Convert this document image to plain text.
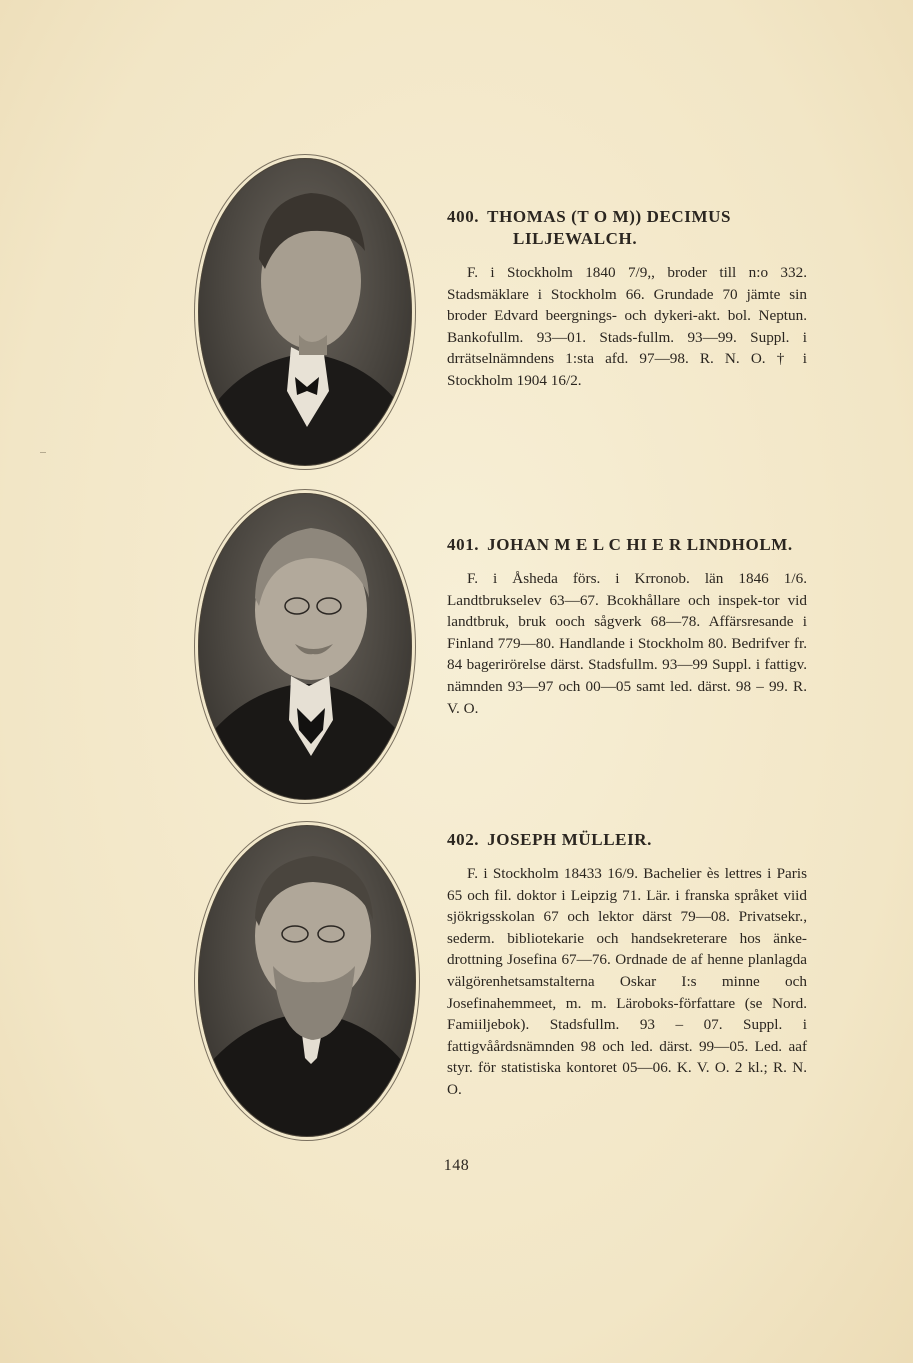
400. THOMAS (T O M)) DECIMUS
LILJEWALCH.

F. i Stockholm 1840 7/9,, broder till n:o 332. Stadsmäklare i Stockholm 66. Grundade 70 jämte sin broder Edvard beergnings- och dykeri-akt. bol. Neptun. Bankofullm. 93—01. Stads-fullm. 93—99. Suppl. i drrätselnämndens 1:sta afd. 97—98. R. N. O. † i Stockholm 1904 16/2.

401. JOHAN M E L C HI E R LINDHOLM.

F. i Åsheda förs. i Krronob. län 1846 1/6. Landtbrukselev 63—67. Bcokhållare och inspek-tor vid landtbruk, bruk ooch sågverk 68—78. Affärsresande i Finland 779—80. Handlande i Stockholm 80. Bedrifver fr. 84 bagerirörelse därst. Stadsfullm. 93—99 Suppl. i fattigv. nämnden 93—97 och 00—05 samt led. därst. 98 – 99. R. V. O.

402. JOSEPH MÜLLEIR.

F. i Stockholm 18433 16/9. Bachelier ès lettres i Paris 65 och fil. doktor i Leipzig 71. Lär. i franska språket viid sjökrigsskolan 67 och lektor därst 79—08. Privatsekr., sederm. bibliotekarie och handsekreterare hos änke-drottning Josefina 67—76. Ordnade de af henne planlagda välgörenhetsamstalterna Oskar I:s minne och Josefinahemmeet, m. m. Läroboks-författare (se Nord. Famiiljebok). Stadsfullm. 93 – 07. Suppl. i fattigvåårdsnämnden 98 och led. därst. 99—05. Led. aaf styr. för statistiska kontoret 05—06. K. V. O. 2 kl.; R. N. O.

148
